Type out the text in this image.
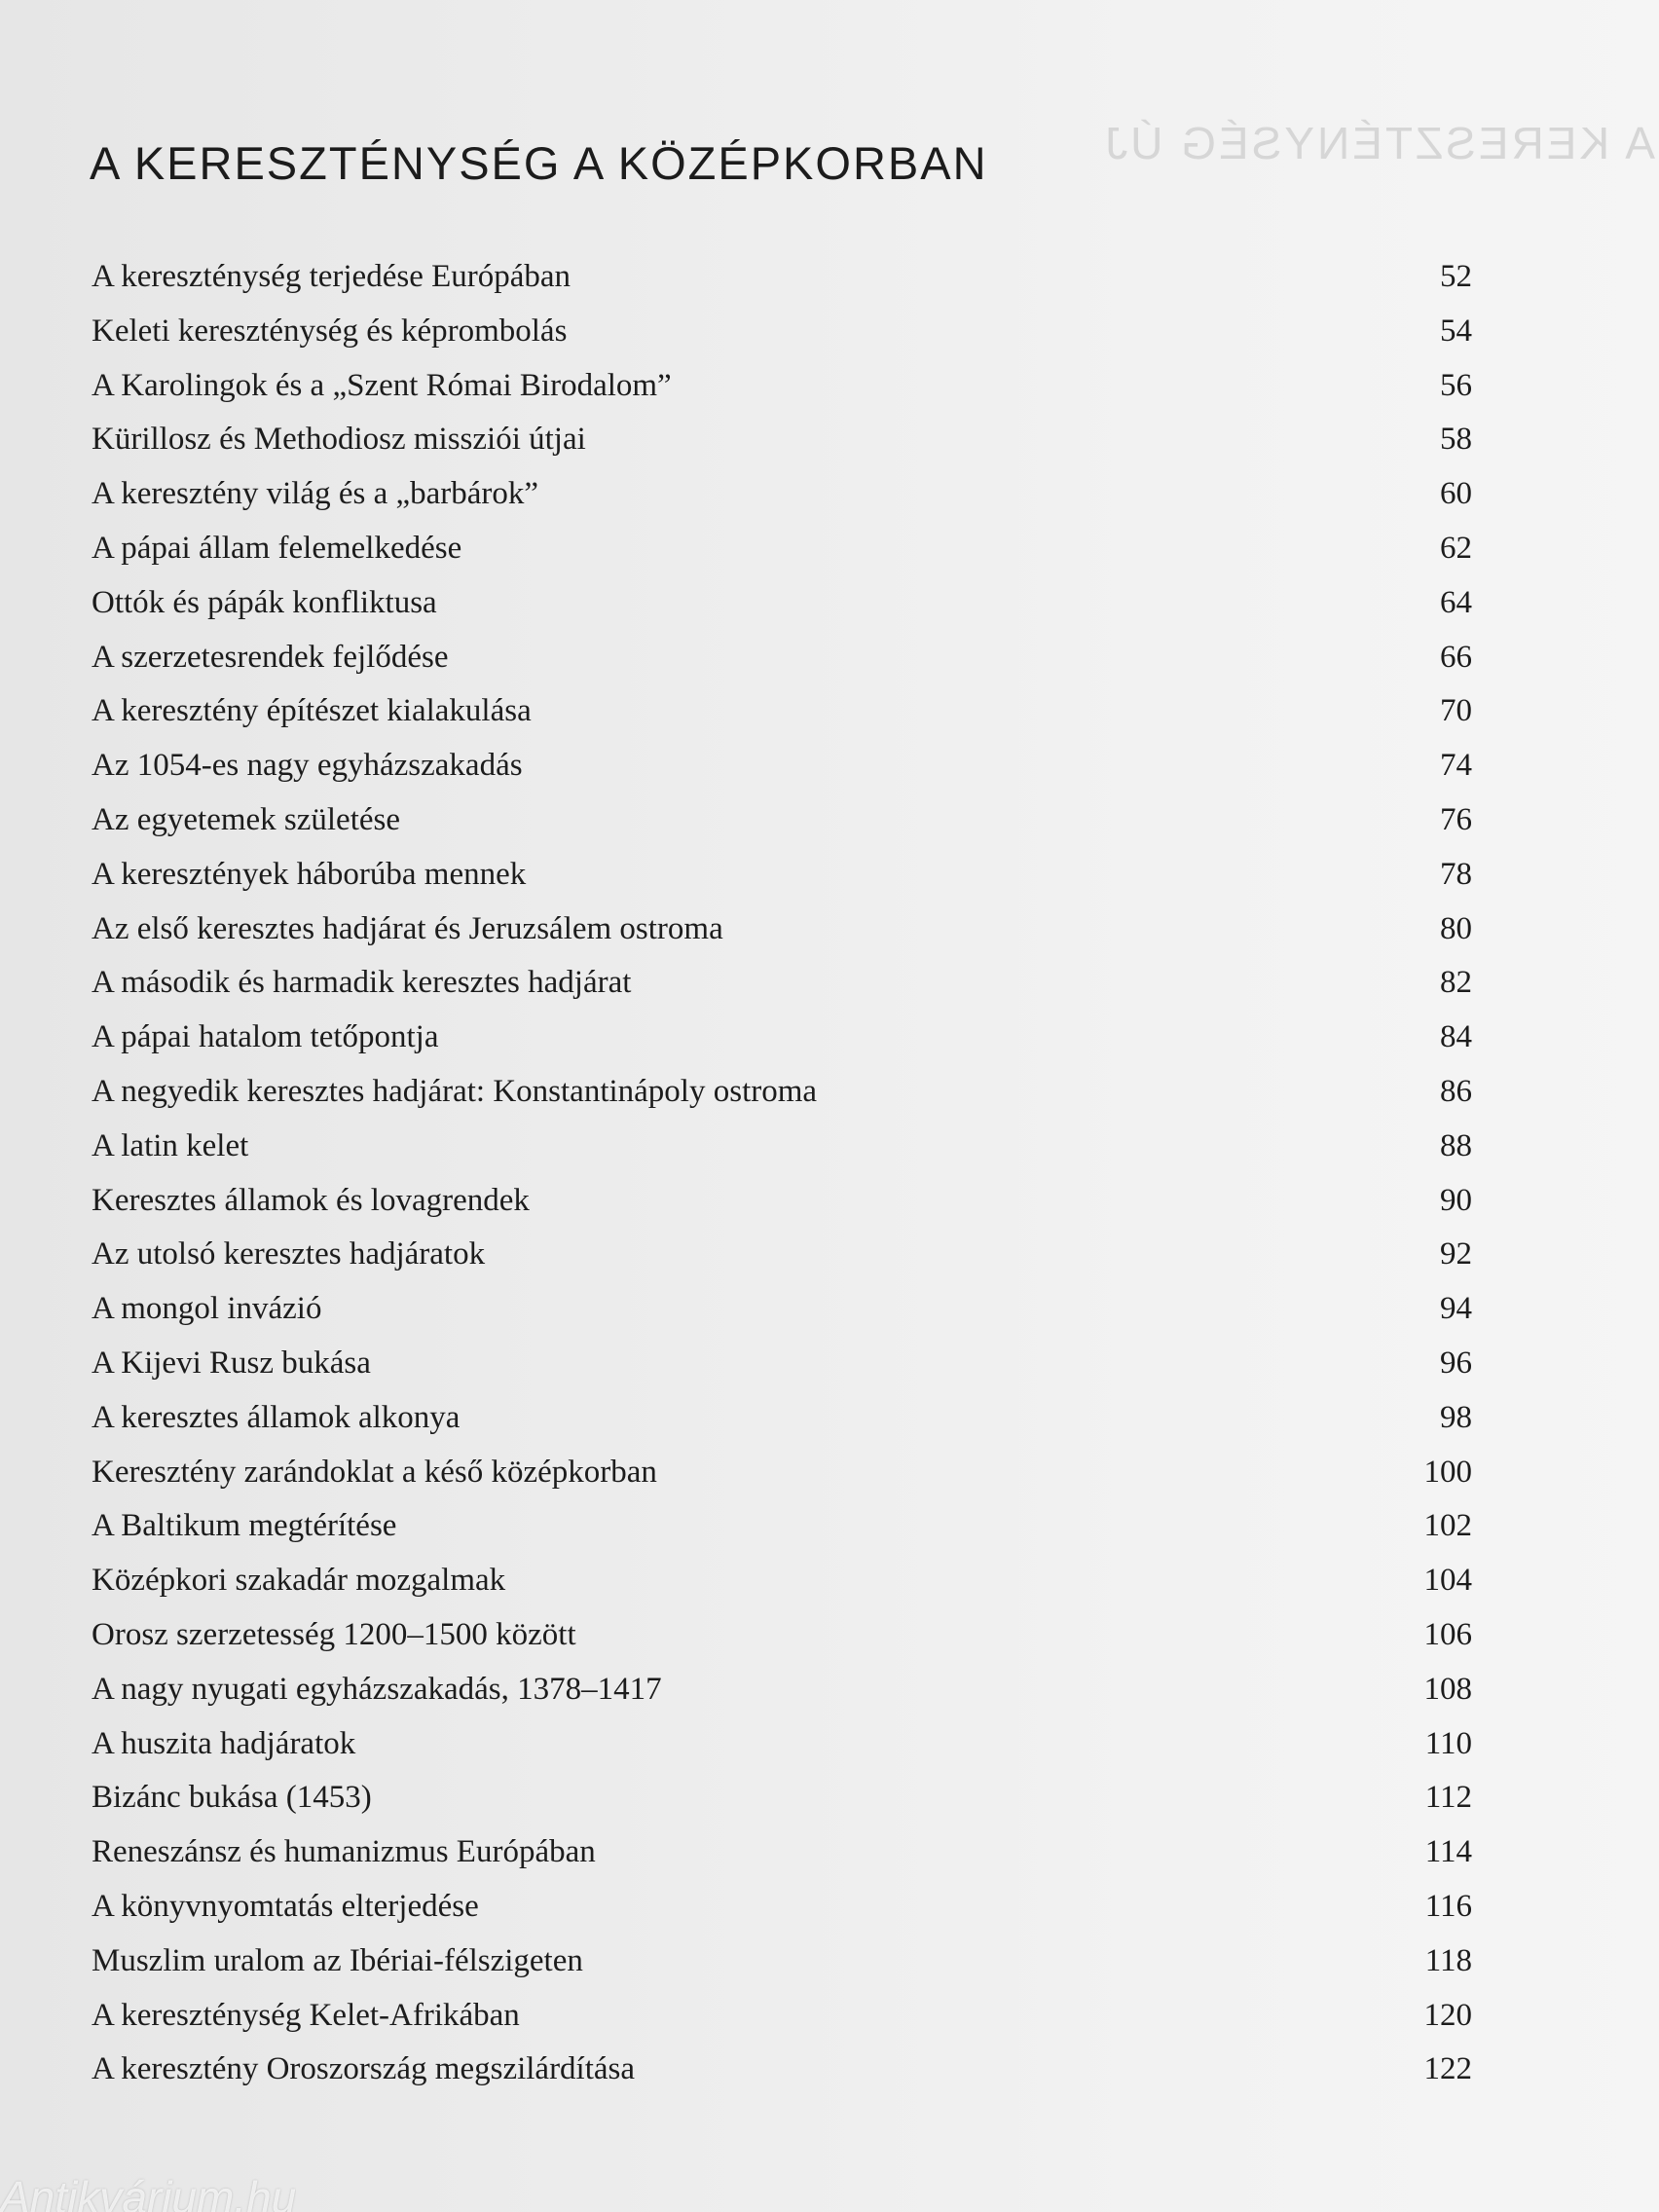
A KERESZTÉNYSÉG ÚJ
A KERESZTÉNYSÉG A KÖZÉPKORBAN
A kereszténység terjedése Európában	52
Keleti kereszténység és képrombolás	54
A Karolingok és a „Szent Római Birodalom”	56
Kürillosz és Methodiosz missziói útjai	58
A keresztény világ és a „barbárok”	60
A pápai állam felemelkedése	62
Ottók és pápák konfliktusa	64
A szerzetesrendek fejlődése	66
A keresztény építészet kialakulása	70
Az 1054-es nagy egyházszakadás	74
Az egyetemek születése	76
A keresztények háborúba mennek	78
Az első keresztes hadjárat és Jeruzsálem ostroma	80
A második és harmadik keresztes hadjárat	82
A pápai hatalom tetőpontja	84
A negyedik keresztes hadjárat: Konstantinápoly ostroma	86
A latin kelet	88
Keresztes államok és lovagrendek	90
Az utolsó keresztes hadjáratok	92
A mongol invázió	94
A Kijevi Rusz bukása	96
A keresztes államok alkonya	98
Keresztény zarándoklat a késő középkorban	100
A Baltikum megtérítése	102
Középkori szakadár mozgalmak	104
Orosz szerzetesség 1200–1500 között	106
A nagy nyugati egyházszakadás, 1378–1417	108
A huszita hadjáratok	110
Bizánc bukása (1453)	112
Reneszánsz és humanizmus Európában	114
A könyvnyomtatás elterjedése	116
Muszlim uralom az Ibériai-félszigeten	118
A kereszténység Kelet-Afrikában	120
A keresztény Oroszország megszilárdítása	122
Antikvárium.hu
